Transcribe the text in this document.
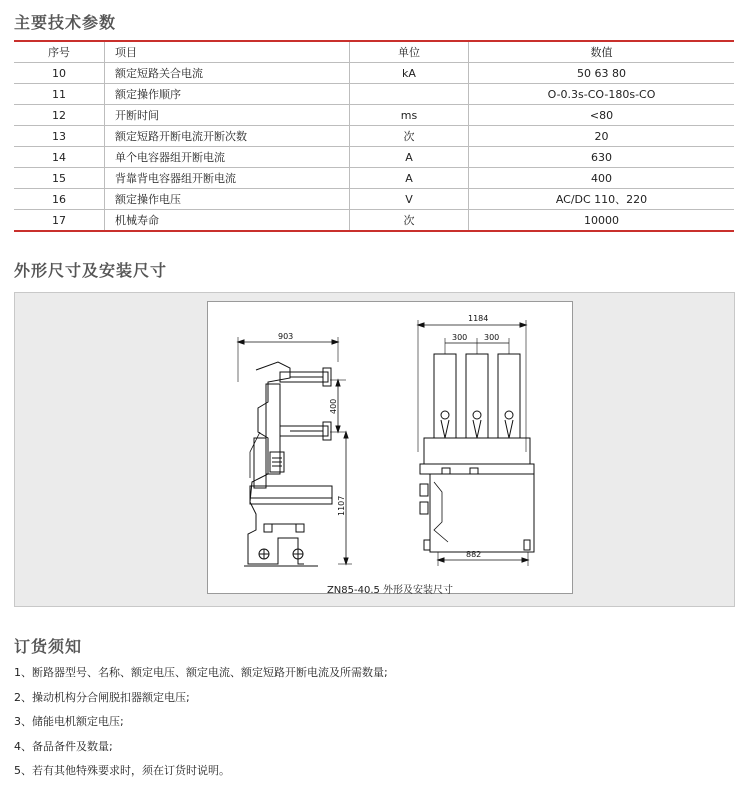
主要技术参数
序号	项目	单位	数值
10	额定短路关合电流	kA	50 63 80
11	额定操作顺序		O-0.3s-CO-180s-CO
12	开断时间	ms	<80
13	额定短路开断电流开断次数	次	20
14	单个电容器组开断电流	A	630
15	背靠背电容器组开断电流	A	400
16	额定操作电压	V	AC/DC 110、220
17	机械寿命	次	10000
外形尺寸及安装尺寸
903
400
1107
1184
300 300
882
ZN85-40.5 外形及安装尺寸
订货须知
1、断路器型号、名称、额定电压、额定电流、额定短路开断电流及所需数量;
2、操动机构分合闸脱扣器额定电压;
3、储能电机额定电压;
4、备品备件及数量;
5、若有其他特殊要求时，须在订货时说明。
